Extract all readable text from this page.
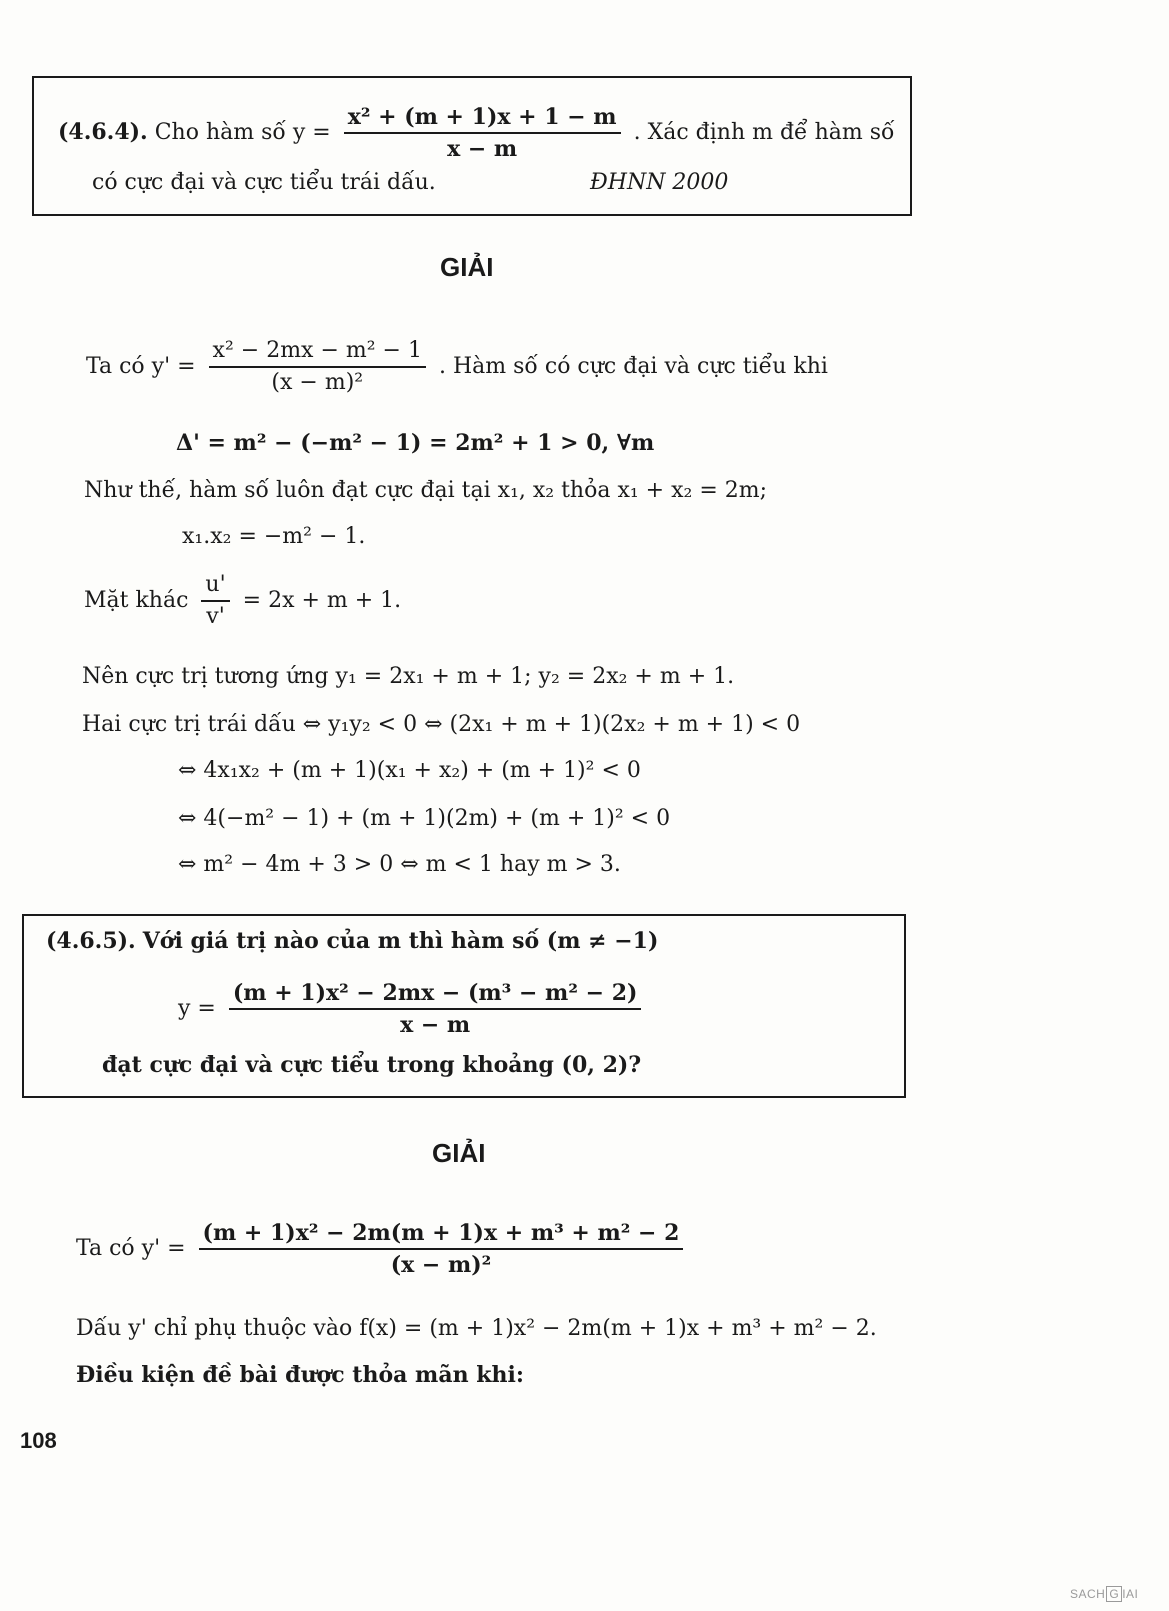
(4.6.4). Cho hàm số $y = \frac{\text{x² + (m + 1)x + 1 − m}}{x - m}$ . Xác định m để hàm số
có cực đại và cực tiểu trái dấu.	ĐHNN 2000
GIẢI
Ta có $y' = \frac{\text{x² − 2mx − m² − 1}}{\text{(x − m)²}}$ . Hàm số có cực đại và cực tiểu khi
Δ' = m² − (−m² − 1) = 2m² + 1 > 0, ∀m
Như thế, hàm số luôn đạt cực đại tại x₁, x₂ thỏa x₁ + x₂ = 2m;
x₁.x₂ = −m² − 1.
Mặt khác $\frac{u'}{v'} = 2x + m + 1$.
Nên cực trị tương ứng y₁ = 2x₁ + m + 1; y₂ = 2x₂ + m + 1.
Hai cực trị trái dấu ⇔ y₁y₂ < 0 ⇔ (2x₁ + m + 1)(2x₂ + m + 1) < 0
⇔ 4x₁x₂ + (m + 1)(x₁ + x₂) + (m + 1)² < 0
⇔ 4(−m² − 1) + (m + 1)(2m) + (m + 1)² < 0
⇔ m² − 4m + 3 > 0 ⇔ m < 1 hay m > 3.
(4.6.5). Với giá trị nào của m thì hàm số (m ≠ −1)
$y = \frac{\text{(m + 1)x² − 2mx − (m³ − m² − 2)}}{x - m}$
đạt cực đại và cực tiểu trong khoảng (0, 2)?
GIẢI
Ta có $y' = \frac{\text{(m + 1)x² − 2m(m + 1)x + m³ + m² − 2}}{\text{(x − m)²}}$
Dấu y' chỉ phụ thuộc vào f(x) = (m + 1)x² − 2m(m + 1)x + m³ + m² − 2.
Điều kiện đề bài được thỏa mãn khi:
108
SACH G IAI
